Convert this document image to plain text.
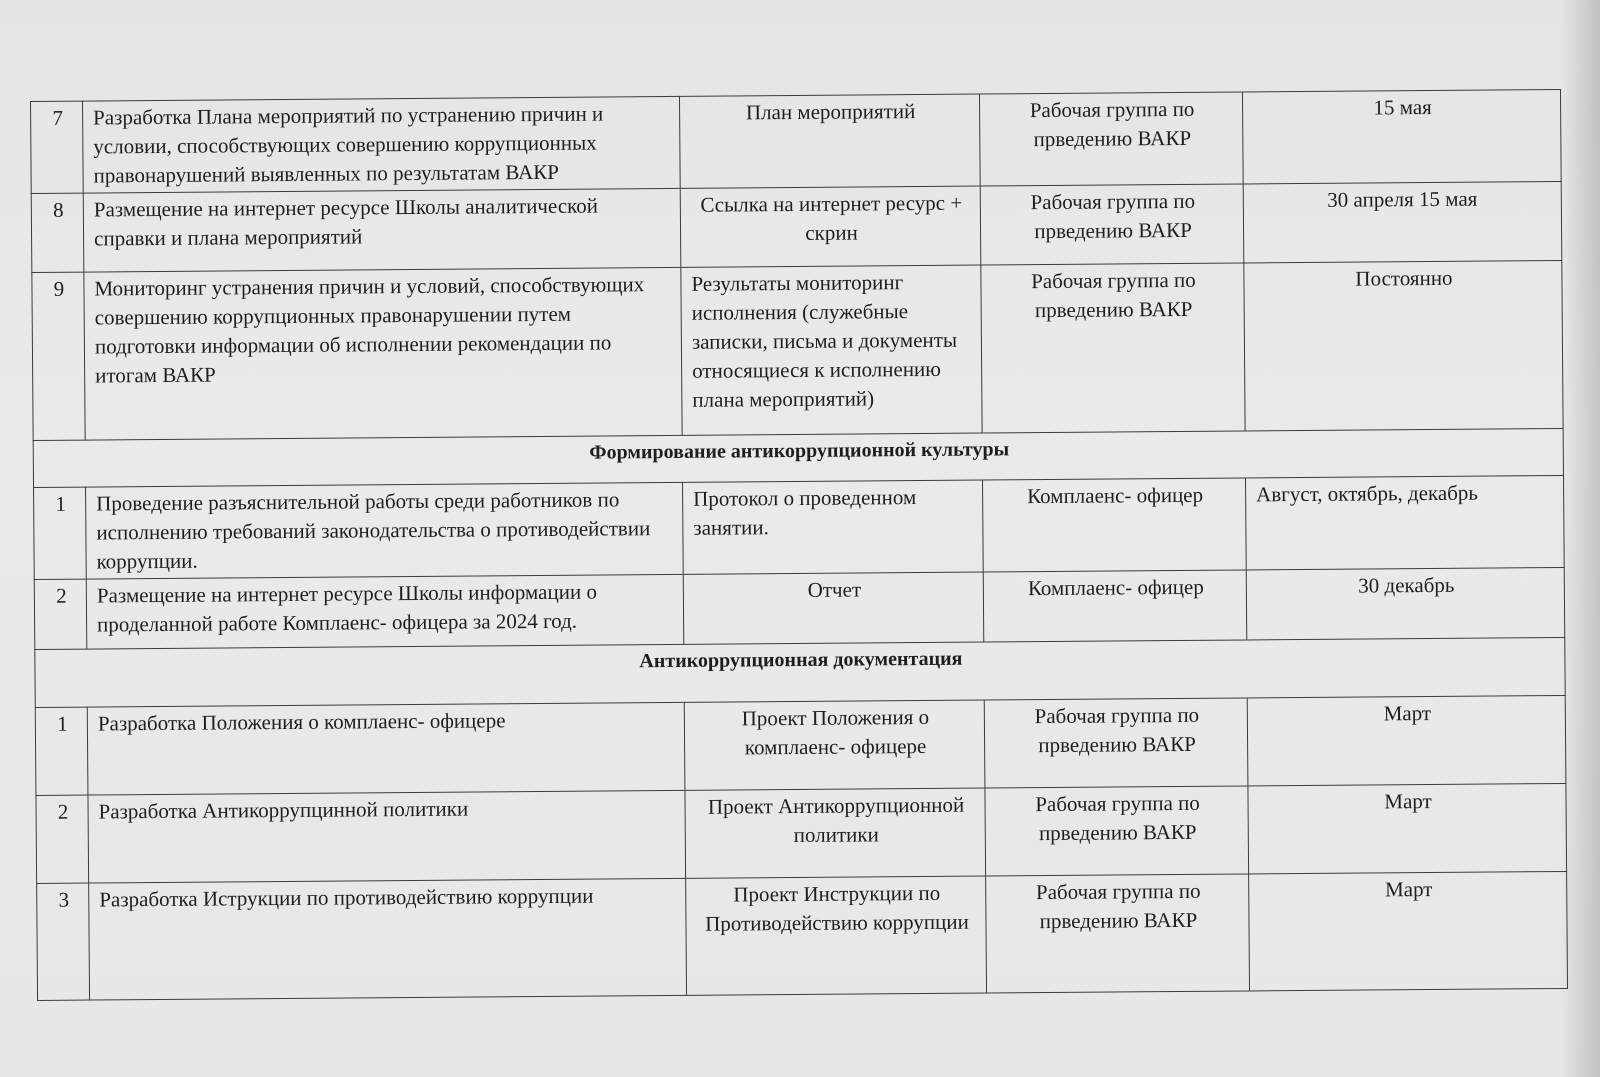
7	Разработка Плана мероприятий по устранению причин и условии, способствующих совершению коррупционных правонарушений выявленных по результатам ВАКР	План мероприятий	Рабочая группа по прведению ВАКР	15 мая
8	Размещение на интернет ресурсе Школы аналитической справки и плана мероприятий	Ссылка на интернет ресурс + скрин	Рабочая группа по прведению ВАКР	30 апреля 15 мая
9	Мониторинг устранения причин и условий, способствующих совершению коррупционных правонарушении путем подготовки информации об исполнении рекомендации по итогам ВАКР	Результаты мониторинг исполнения (служебные записки, письма и документы относящиеся к исполнению плана мероприятий)	Рабочая группа по прведению ВАКР	Постоянно
Формирование антикоррупционной культуры				
1	Проведение разъяснительной работы среди работников по исполнению требований законодательства о противодействии коррупции.	Протокол о проведенном занятии.	Комплаенс- офицер	Август, октябрь, декабрь
2	Размещение на интернет ресурсе Школы информации о проделанной работе Комплаенс- офицера за 2024 год.	Отчет	Комплаенс- офицер	30 декабрь
Антикоррупционная документация				
1	Разработка Положения о комплаенс- офицере	Проект Положения о комплаенс- офицере	Рабочая группа по прведению ВАКР	Март
2	Разработка Антикоррупцинной политики	Проект Антикоррупционной политики	Рабочая группа по прведению ВАКР	Март
3	Разработка Иструкции по противодействию коррупции	Проект Инструкции по Противодействию коррупции	Рабочая группа по прведению ВАКР	Март
